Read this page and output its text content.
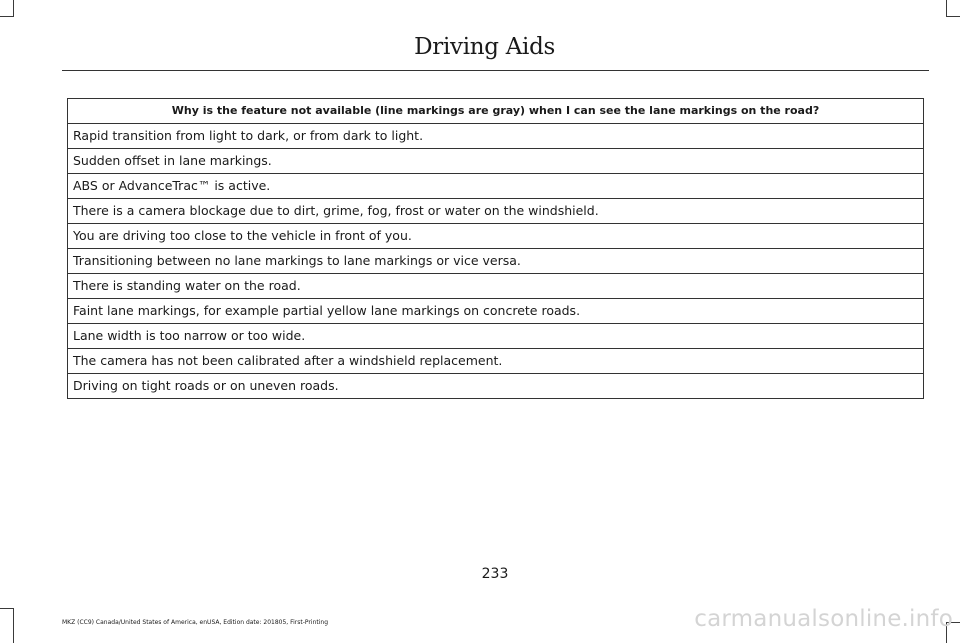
Driving Aids
Why is the feature not available (line markings are gray) when I can see the lane markings on the road?
Rapid transition from light to dark, or from dark to light.
Sudden offset in lane markings.
ABS or AdvanceTrac™ is active.
There is a camera blockage due to dirt, grime, fog, frost or water on the windshield.
You are driving too close to the vehicle in front of you.
Transitioning between no lane markings to lane markings or vice versa.
There is standing water on the road.
Faint lane markings, for example partial yellow lane markings on concrete roads.
Lane width is too narrow or too wide.
The camera has not been calibrated after a windshield replacement.
Driving on tight roads or on uneven roads.
233
MKZ (CC9) Canada/United States of America, enUSA, Edition date: 201805, First-Printing	carmanualsonline.info
